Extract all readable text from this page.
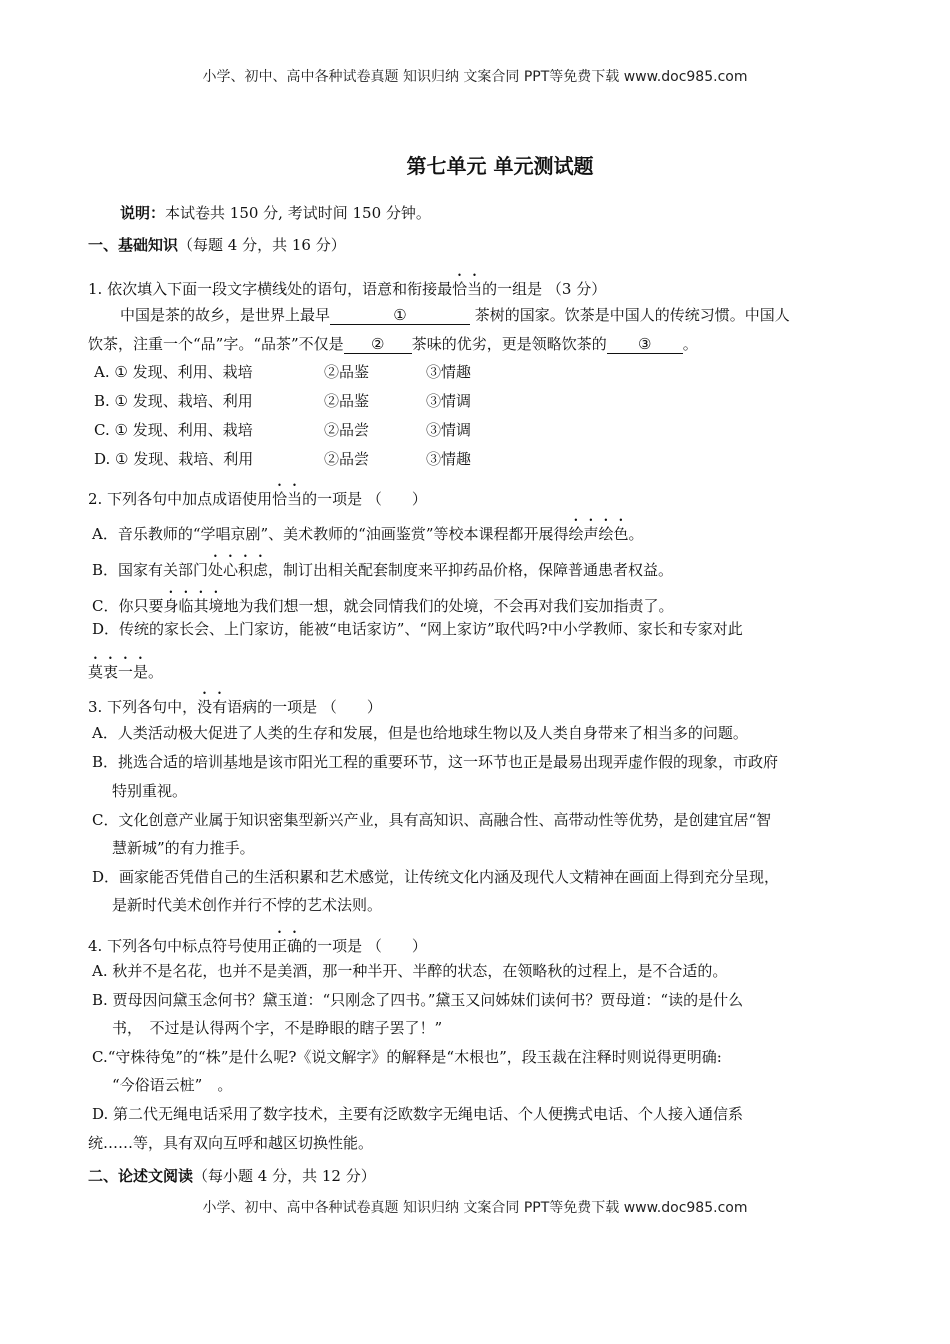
小学、初中、高中各种试卷真题 知识归纳 文案合同 PPT等免费下载 www.doc985.com
第七单元 单元测试题
说明：本试卷共 150 分, 考试时间 150 分钟。
一、基础知识（每题 4 分，共 16 分）
1. 依次填入下面一段文字横线处的语句，语意和衔接最恰当的一组是 （3 分）
中国是茶的故乡，是世界上最早	①	茶树的国家。饮茶是中国人的传统习惯。中国人
饮茶，注重一个“品”字。“品茶”不仅是 ② 茶味的优劣，更是领略饮茶的 ③ 。
A. ① 发现、利用、栽培	②品鉴	③情趣
B. ① 发现、栽培、利用	②品鉴	③情调
C. ① 发现、利用、栽培	②品尝	③情调
D. ① 发现、栽培、利用	②品尝	③情趣
2. 下列各句中加点成语使用恰当的一项是 （　　）
A．音乐教师的“学唱京剧”、美术教师的“油画鉴赏”等校本课程都开展得绘声绘色。
B．国家有关部门处心积虑，制订出相关配套制度来平抑药品价格，保障普通患者权益。
C．你只要身临其境地为我们想一想，就会同情我们的处境，不会再对我们妄加指责了。
D．传统的家长会、上门家访，能被“电话家访”、“网上家访”取代吗?中小学教师、家长和专家对此
莫衷一是。
3. 下列各句中，没有语病的一项是 （　　）
A．人类活动极大促进了人类的生存和发展，但是也给地球生物以及人类自身带来了相当多的问题。
B．挑选合适的培训基地是该市阳光工程的重要环节，这一环节也正是最易出现弄虚作假的现象，市政府
特别重视。
C．文化创意产业属于知识密集型新兴产业，具有高知识、高融合性、高带动性等优势，是创建宜居“智
慧新城”的有力推手。
D．画家能否凭借自己的生活积累和艺术感觉，让传统文化内涵及现代人文精神在画面上得到充分呈现，
是新时代美术创作并行不悖的艺术法则。
4. 下列各句中标点符号使用正确的一项是 （　　）
A. 秋并不是名花，也并不是美酒，那一种半开、半醉的状态，在领略秋的过程上，是不合适的。
B. 贾母因问黛玉念何书？黛玉道：“只刚念了四书。”黛玉又问姊妹们读何书？贾母道：“读的是什么
书，　不过是认得两个字，不是睁眼的瞎子罢了！”
C.“守株待兔”的“株”是什么呢?《说文解字》的解释是“木根也”，段玉裁在注释时则说得更明确:
“今俗语云桩”　。
D. 第二代无绳电话采用了数字技术，主要有泛欧数字无绳电话、个人便携式电话、个人接入通信系
统……等，具有双向互呼和越区切换性能。
二、论述文阅读（每小题 4 分，共 12 分）
小学、初中、高中各种试卷真题 知识归纳 文案合同 PPT等免费下载 www.doc985.com
